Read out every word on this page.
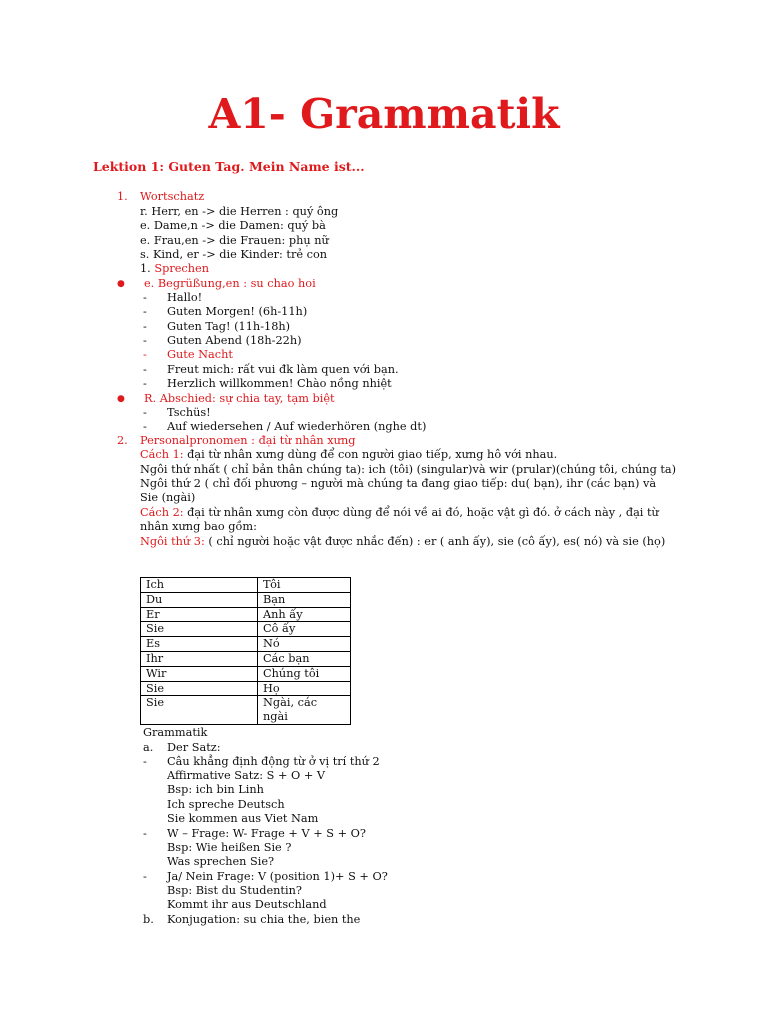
A1- Grammatik
Lektion 1: Guten Tag. Mein Name ist...
1. Wortschatz
r. Herr, en -> die Herren : quý ông
e. Dame,n -> die Damen: quý bà
e. Frau,en -> die Frauen: phụ nữ
s. Kind, er -> die Kinder: trẻ con
1. Sprechen
● e. Begrüßung,en : su chao hoi
- Hallo!
- Guten Morgen! (6h-11h)
- Guten Tag! (11h-18h)
- Guten Abend (18h-22h)
- Gute Nacht
- Freut mich: rất vui đk làm quen với bạn.
- Herzlich willkommen! Chào nồng nhiệt
● R. Abschied: sự chia tay, tạm biệt
- Tschüs!
- Auf wiedersehen / Auf wiederhören (nghe dt)
2. Personalpronomen : đại từ nhân xưng
Cách 1: đại từ nhân xưng dùng để con người giao tiếp, xưng hô với nhau.
Ngôi thứ nhất ( chỉ bản thân chúng ta): ich (tôi) (singular)và wir (prular)(chúng tôi, chúng ta)
Ngôi thứ 2 ( chỉ đối phương – người mà chúng ta đang giao tiếp: du( bạn), ihr (các bạn) và Sie (ngài)
Cách 2: đại từ nhân xưng còn được dùng để nói về ai đó, hoặc vật gì đó. ở cách này , đại từ nhân xưng bao gồm:
Ngôi thứ 3: ( chỉ người hoặc vật được nhắc đến) : er ( anh ấy), sie (cô ấy), es( nó) và sie (họ)
Ich	Tôi
Du	Bạn
Er	Anh ấy
Sie	Cô ấy
Es	Nó
Ihr	Các bạn
Wir	Chúng tôi
Sie	Họ
Sie	Ngài, các ngài
Grammatik
a. Der Satz:
- Câu khẳng định động từ ở vị trí thứ 2
Affirmative Satz: S + O + V
Bsp: ich bin Linh
Ich spreche Deutsch
Sie kommen aus Viet Nam
- W – Frage: W- Frage + V + S + O?
Bsp: Wie heißen Sie ?
Was sprechen Sie?
- Ja/ Nein Frage: V (position 1)+ S + O?
Bsp: Bist du Studentin?
Kommt ihr aus Deutschland
b. Konjugation: su chia the, bien the
